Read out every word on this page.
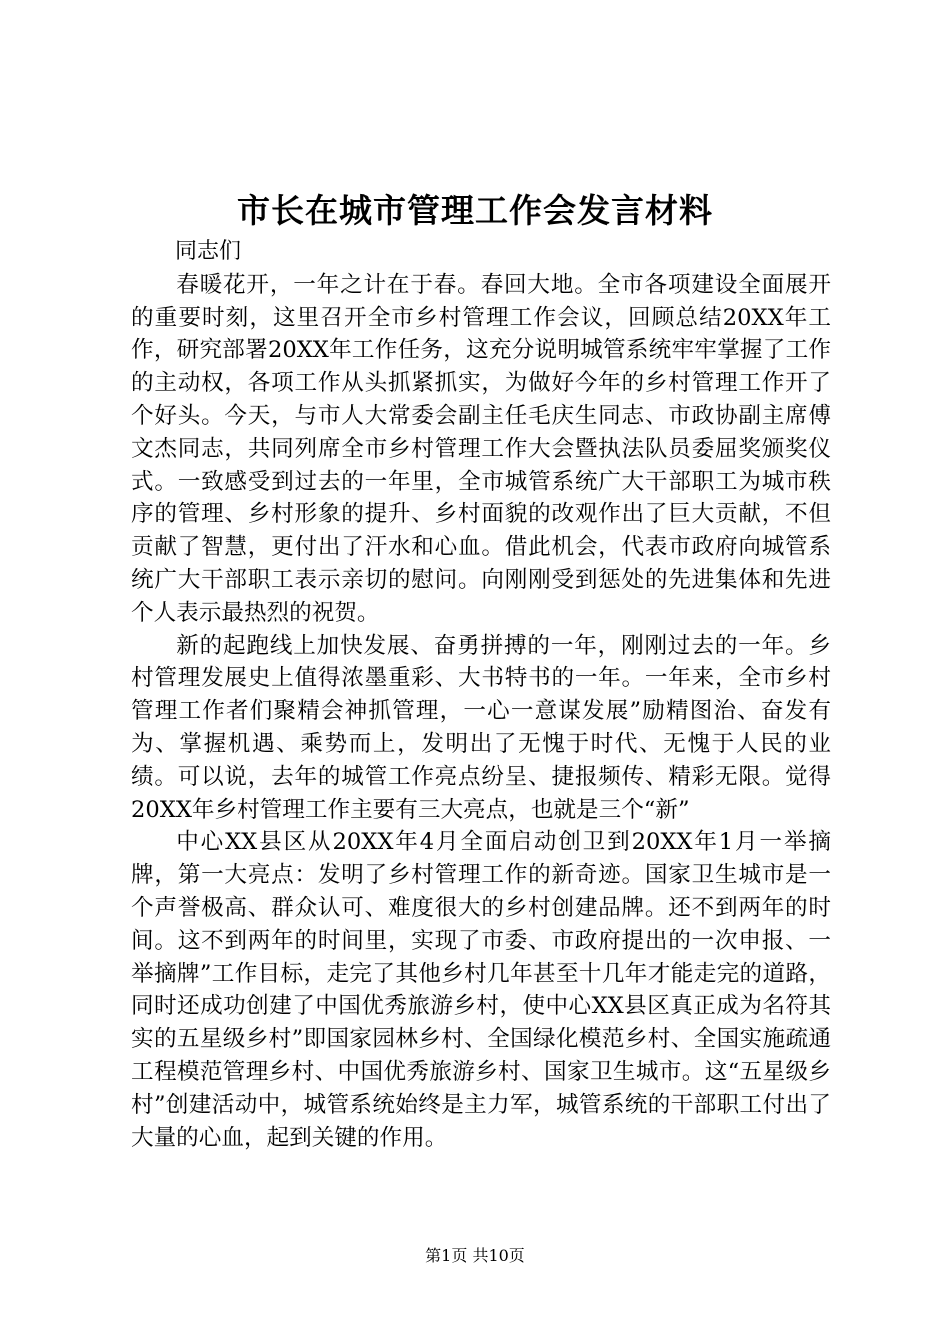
市长在城市管理工作会发言材料

同志们

春暖花开，一年之计在于春。春回大地。全市各项建设全面展开的重要时刻，这里召开全市乡村管理工作会议，回顾总结20XX年工作，研究部署20XX年工作任务，这充分说明城管系统牢牢掌握了工作的主动权，各项工作从头抓紧抓实，为做好今年的乡村管理工作开了个好头。今天，与市人大常委会副主任毛庆生同志、市政协副主席傅文杰同志，共同列席全市乡村管理工作大会暨执法队员委屈奖颁奖仪式。一致感受到过去的一年里，全市城管系统广大干部职工为城市秩序的管理、乡村形象的提升、乡村面貌的改观作出了巨大贡献，不但贡献了智慧，更付出了汗水和心血。借此机会，代表市政府向城管系统广大干部职工表示亲切的慰问。向刚刚受到惩处的先进集体和先进个人表示最热烈的祝贺。

新的起跑线上加快发展、奋勇拼搏的一年，刚刚过去的一年。乡村管理发展史上值得浓墨重彩、大书特书的一年。一年来，全市乡村管理工作者们聚精会神抓管理，一心一意谋发展”励精图治、奋发有为、掌握机遇、乘势而上，发明出了无愧于时代、无愧于人民的业绩。可以说，去年的城管工作亮点纷呈、捷报频传、精彩无限。觉得20XX年乡村管理工作主要有三大亮点，也就是三个“新”

中心XX县区从20XX年4月全面启动创卫到20XX年1月一举摘牌，第一大亮点：发明了乡村管理工作的新奇迹。国家卫生城市是一个声誉极高、群众认可、难度很大的乡村创建品牌。还不到两年的时间。这不到两年的时间里，实现了市委、市政府提出的一次申报、一举摘牌”工作目标，走完了其他乡村几年甚至十几年才能走完的道路，同时还成功创建了中国优秀旅游乡村，使中心XX县区真正成为名符其实的五星级乡村”即国家园林乡村、全国绿化模范乡村、全国实施疏通工程模范管理乡村、中国优秀旅游乡村、国家卫生城市。这“五星级乡村”创建活动中，城管系统始终是主力军，城管系统的干部职工付出了大量的心血，起到关键的作用。

第1页 共10页
